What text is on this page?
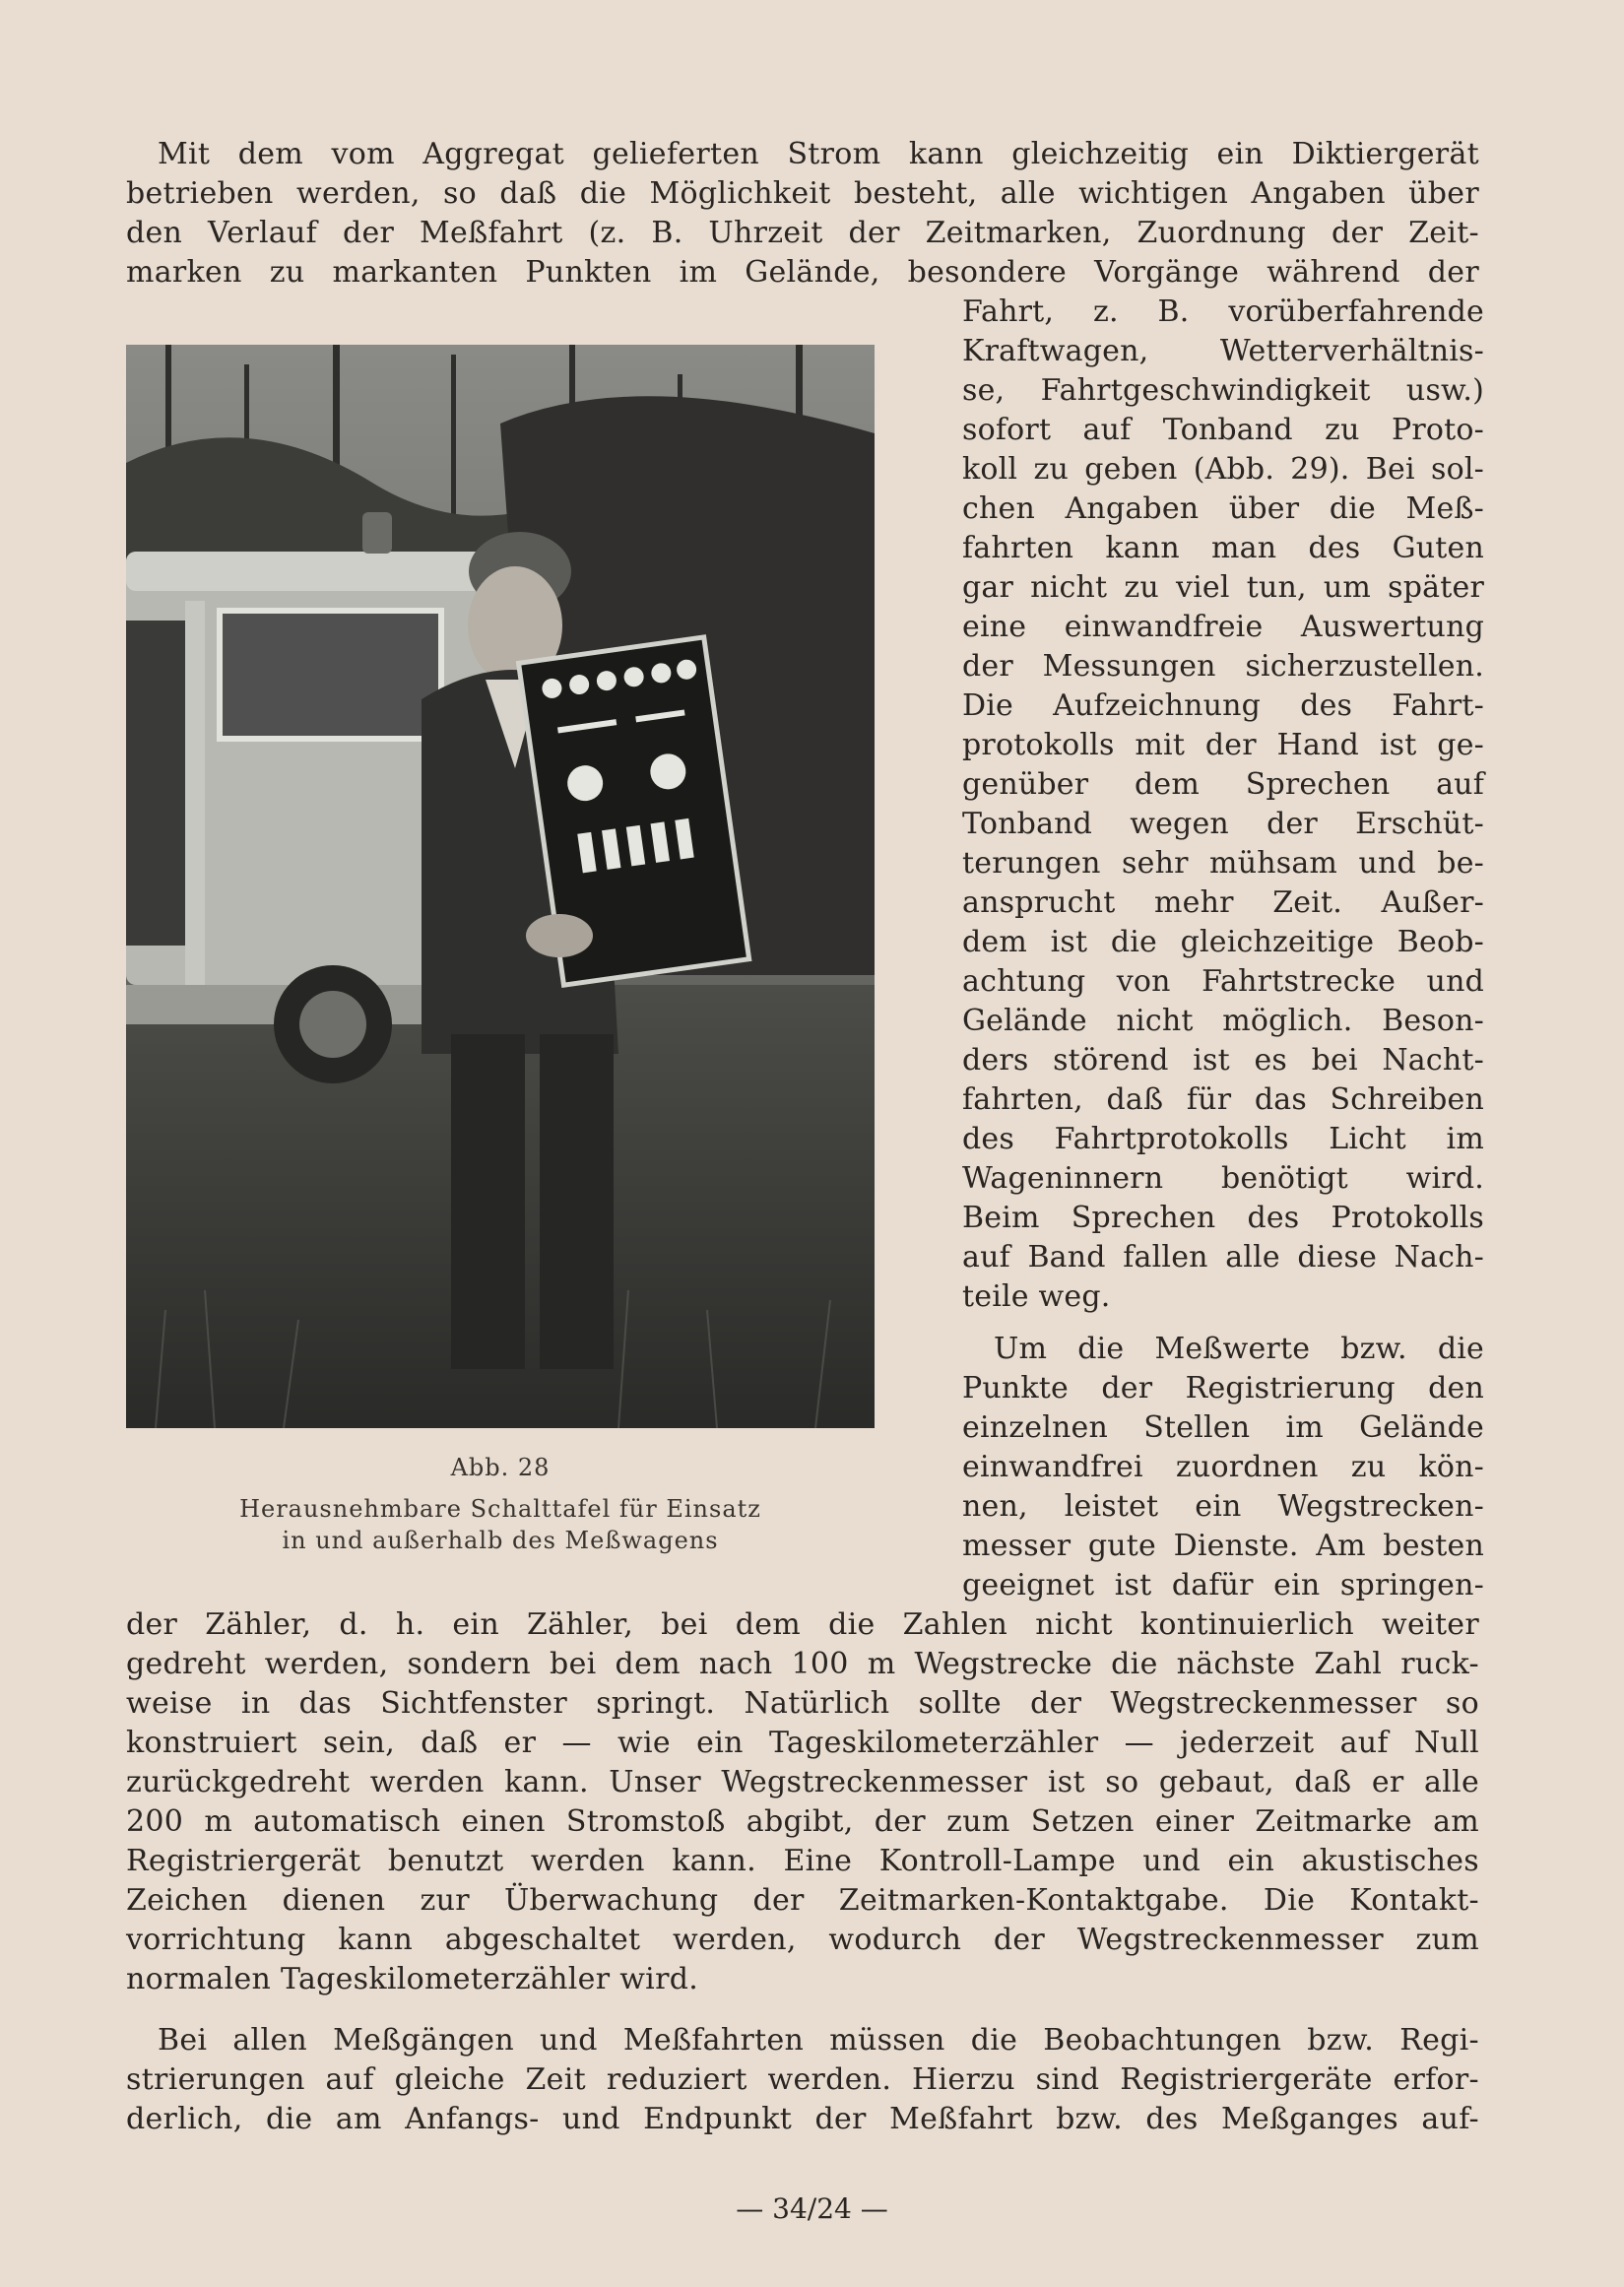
Mit dem vom Aggregat gelieferten Strom kann gleichzeitig ein Diktiergerät
betrieben werden, so daß die Möglichkeit besteht, alle wichtigen Angaben über
den Verlauf der Meßfahrt (z. B. Uhrzeit der Zeitmarken, Zuordnung der Zeit-
marken zu markanten Punkten im Gelände, besondere Vorgänge während der
Abb. 28
Herausnehmbare Schalttafel für Einsatz
in und außerhalb des Meßwagens
Fahrt, z. B. vorüberfahrende
Kraftwagen, Wetterverhältnis-
se, Fahrtgeschwindigkeit usw.)
sofort auf Tonband zu Proto-
koll zu geben (Abb. 29). Bei sol-
chen Angaben über die Meß-
fahrten kann man des Guten
gar nicht zu viel tun, um später
eine einwandfreie Auswertung
der Messungen sicherzustellen.
Die Aufzeichnung des Fahrt-
protokolls mit der Hand ist ge-
genüber dem Sprechen auf
Tonband wegen der Erschüt-
terungen sehr mühsam und be-
ansprucht mehr Zeit. Außer-
dem ist die gleichzeitige Beob-
achtung von Fahrtstrecke und
Gelände nicht möglich. Beson-
ders störend ist es bei Nacht-
fahrten, daß für das Schreiben
des Fahrtprotokolls Licht im
Wageninnern benötigt wird.
Beim Sprechen des Protokolls
auf Band fallen alle diese Nach-
teile weg.
Um die Meßwerte bzw. die
Punkte der Registrierung den
einzelnen Stellen im Gelände
einwandfrei zuordnen zu kön-
nen, leistet ein Wegstrecken-
messer gute Dienste. Am besten
geeignet ist dafür ein springen-
der Zähler, d. h. ein Zähler, bei dem die Zahlen nicht kontinuierlich weiter
gedreht werden, sondern bei dem nach 100 m Wegstrecke die nächste Zahl ruck-
weise in das Sichtfenster springt. Natürlich sollte der Wegstreckenmesser so
konstruiert sein, daß er — wie ein Tageskilometerzähler — jederzeit auf Null
zurückgedreht werden kann. Unser Wegstreckenmesser ist so gebaut, daß er alle
200 m automatisch einen Stromstoß abgibt, der zum Setzen einer Zeitmarke am
Registriergerät benutzt werden kann. Eine Kontroll-Lampe und ein akustisches
Zeichen dienen zur Überwachung der Zeitmarken-Kontaktgabe. Die Kontakt-
vorrichtung kann abgeschaltet werden, wodurch der Wegstreckenmesser zum
normalen Tageskilometerzähler wird.
Bei allen Meßgängen und Meßfahrten müssen die Beobachtungen bzw. Regi-
strierungen auf gleiche Zeit reduziert werden. Hierzu sind Registriergeräte erfor-
derlich, die am Anfangs- und Endpunkt der Meßfahrt bzw. des Meßganges auf-
— 34/24 —
